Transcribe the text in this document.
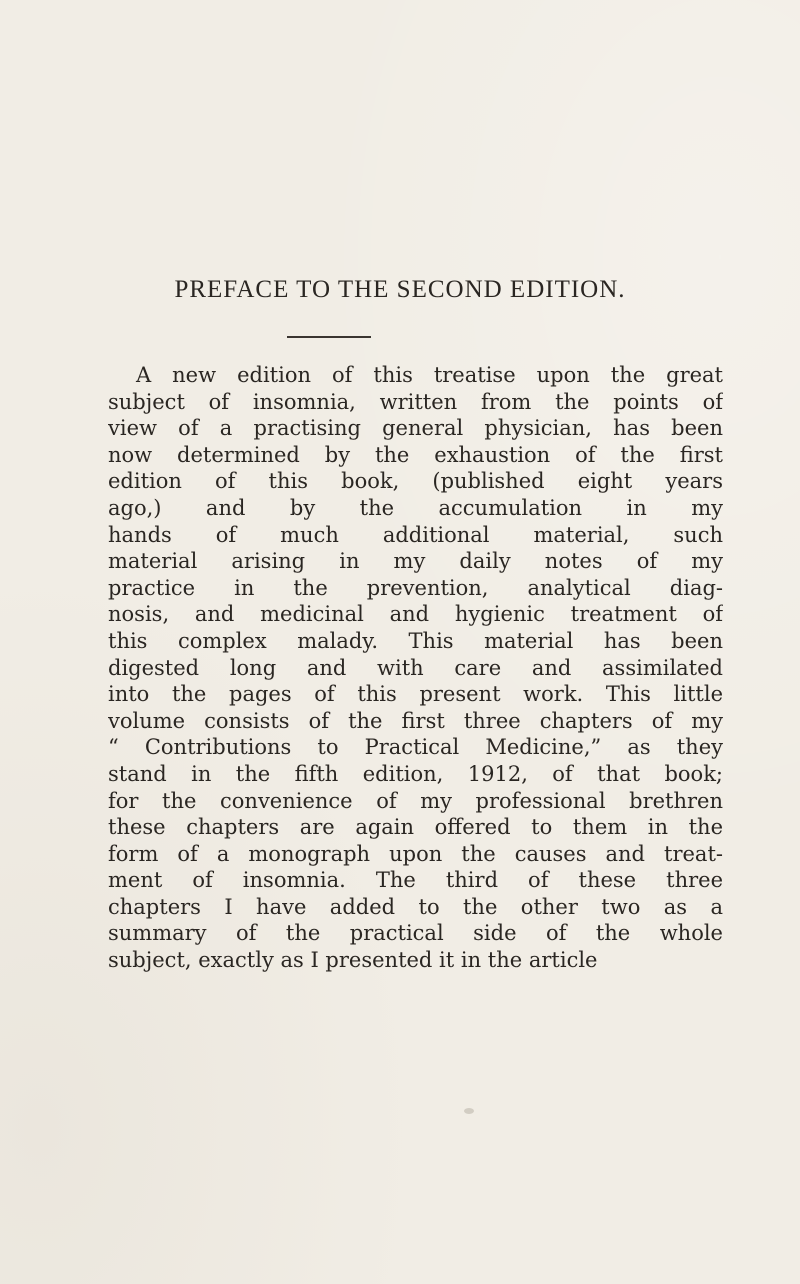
PREFACE TO THE SECOND EDITION.
A new edition of this treatise upon the great
subject of insomnia, written from the points of
view of a practising general physician, has been
now determined by the exhaustion of the first
edition of this book, (published eight years
ago,) and by the accumulation in my
hands of much additional material, such
material arising in my daily notes of my
practice in the prevention, analytical diag-
nosis, and medicinal and hygienic treatment of
this complex malady. This material has been
digested long and with care and assimilated
into the pages of this present work. This little
volume consists of the first three chapters of my
“ Contributions to Practical Medicine,” as they
stand in the fifth edition, 1912, of that book;
for the convenience of my professional brethren
these chapters are again offered to them in the
form of a monograph upon the causes and treat-
ment of insomnia. The third of these three
chapters I have added to the other two as a
summary of the practical side of the whole
subject, exactly as I presented it in the article
